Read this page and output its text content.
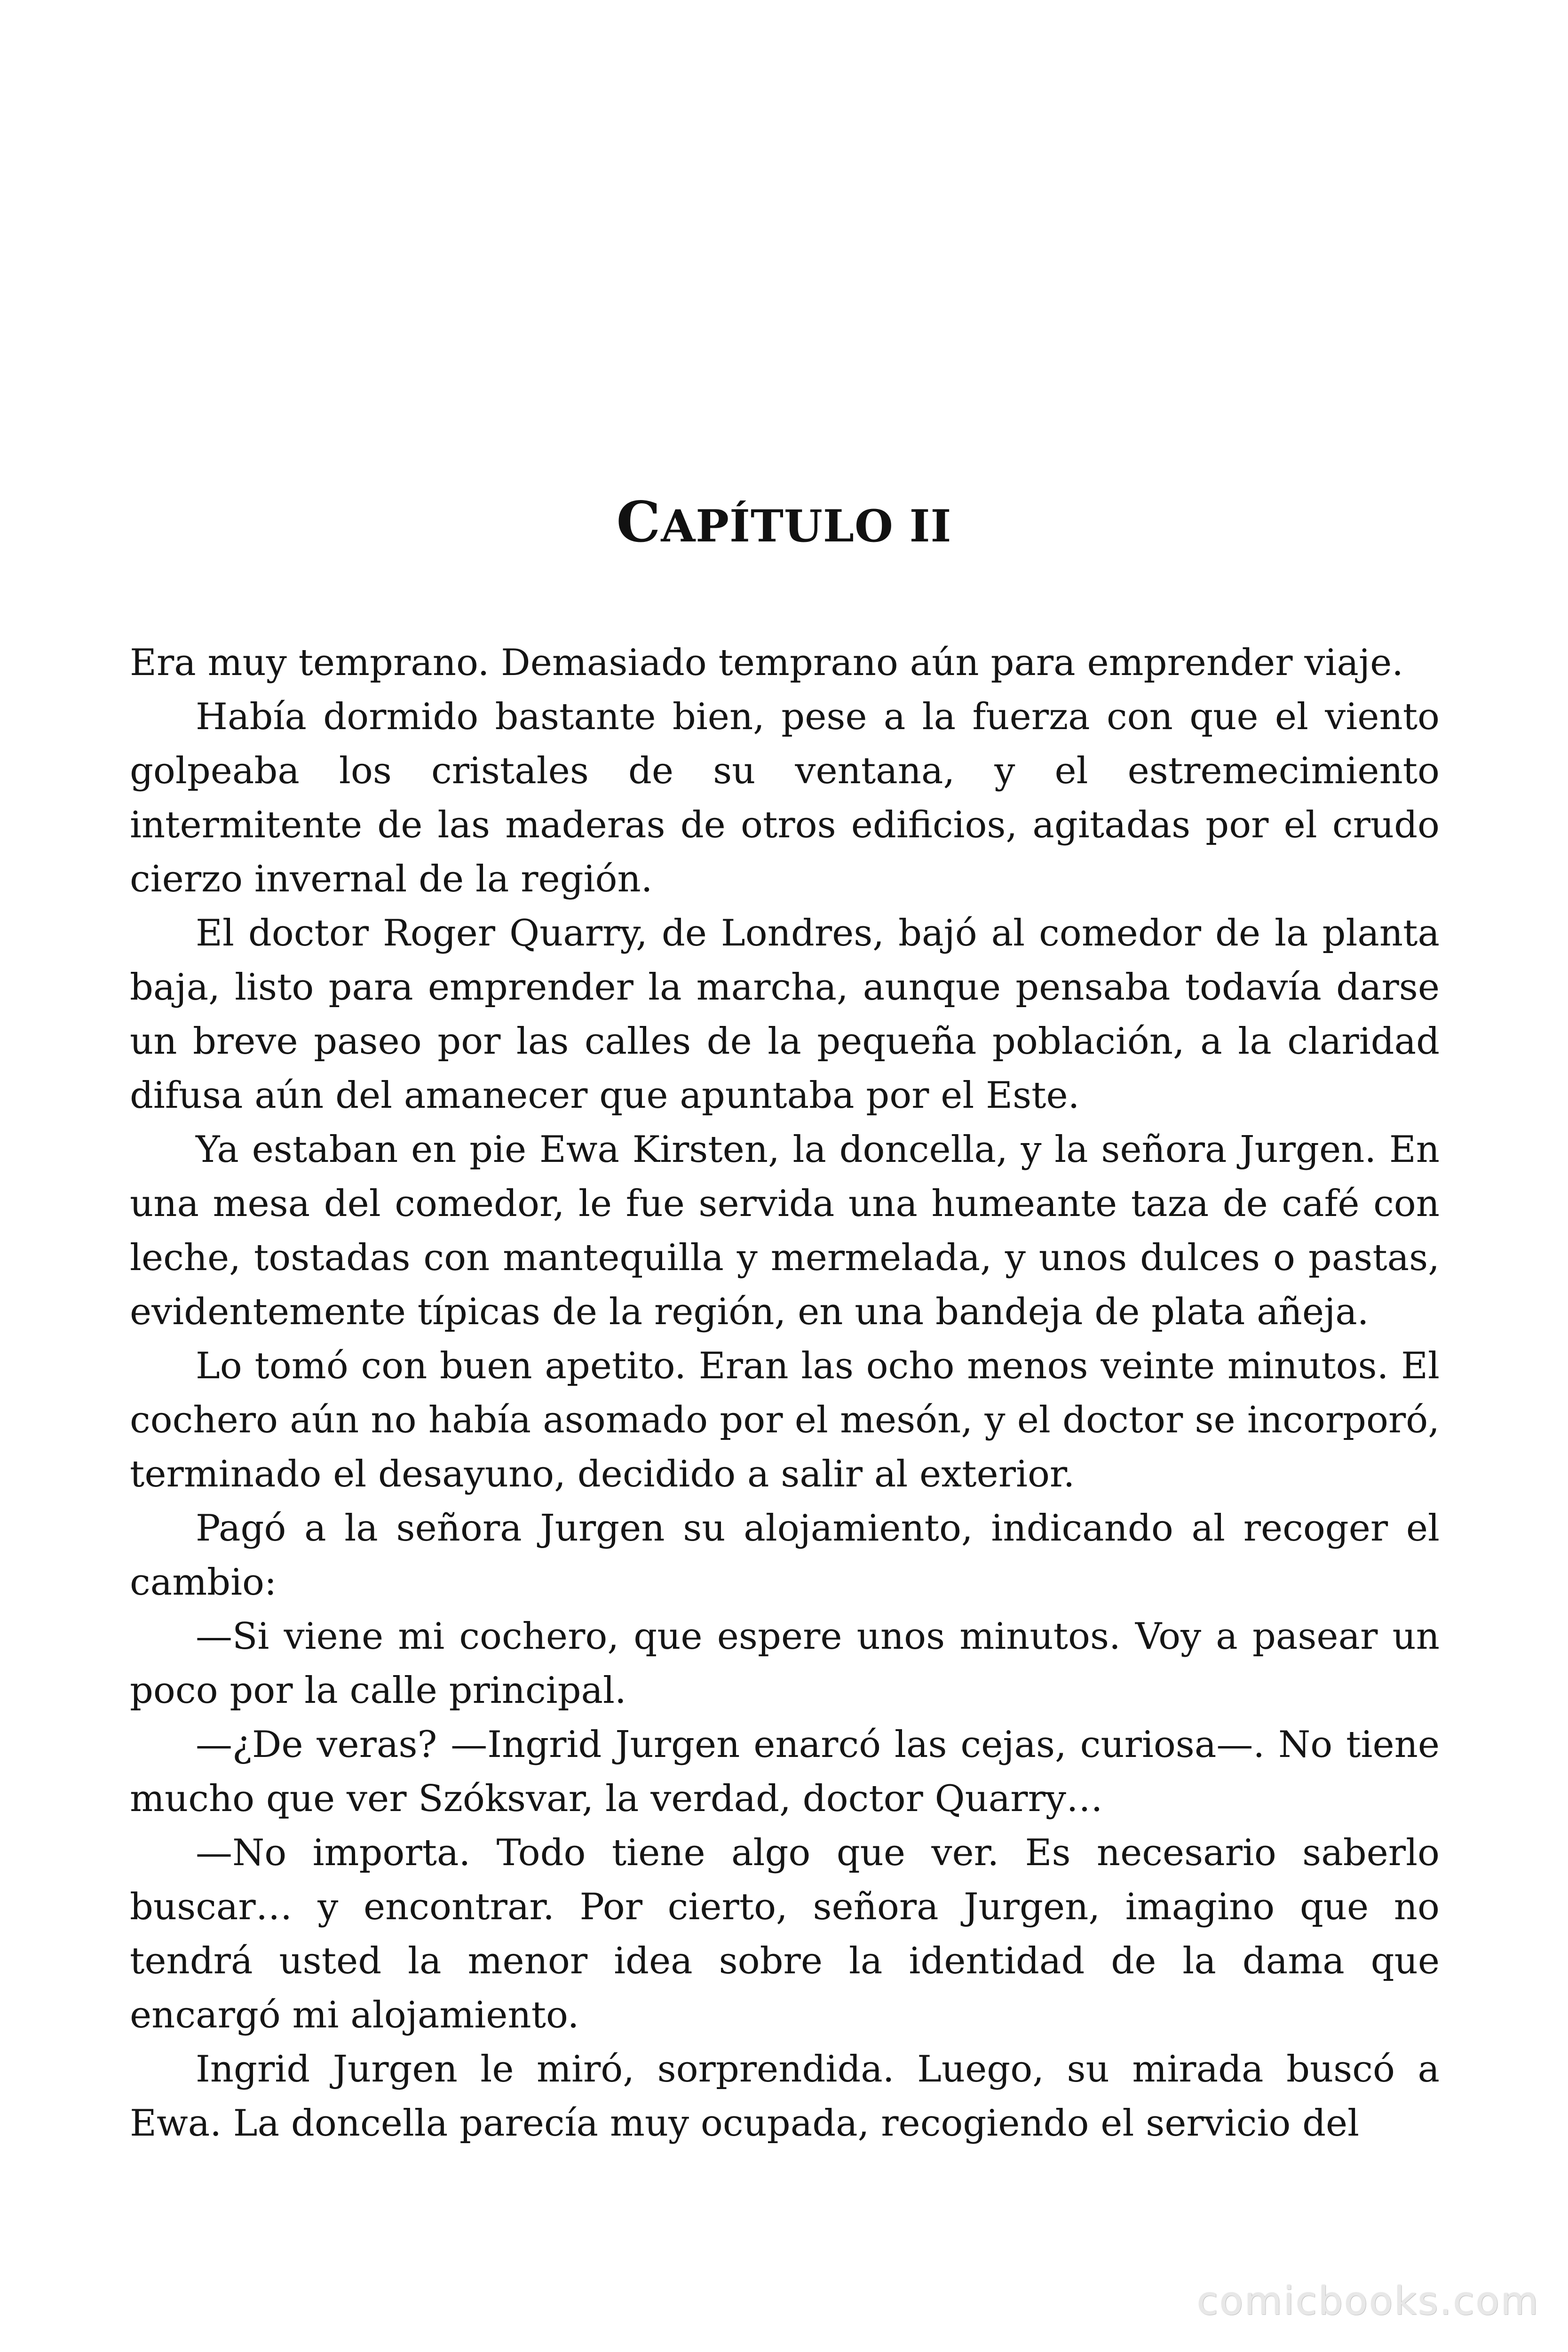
CAPÍTULO II

Era muy temprano. Demasiado temprano aún para emprender viaje.

Había dormido bastante bien, pese a la fuerza con que el viento golpeaba los cristales de su ventana, y el estremecimiento intermitente de las maderas de otros edificios, agitadas por el crudo cierzo invernal de la región.

El doctor Roger Quarry, de Londres, bajó al comedor de la planta baja, listo para emprender la marcha, aunque pensaba todavía darse un breve paseo por las calles de la pequeña población, a la claridad difusa aún del amanecer que apuntaba por el Este.

Ya estaban en pie Ewa Kirsten, la doncella, y la señora Jurgen. En una mesa del comedor, le fue servida una humeante taza de café con leche, tostadas con mantequilla y mermelada, y unos dulces o pastas, evidentemente típicas de la región, en una bandeja de plata añeja.

Lo tomó con buen apetito. Eran las ocho menos veinte minutos. El cochero aún no había asomado por el mesón, y el doctor se incorporó, terminado el desayuno, decidido a salir al exterior.

Pagó a la señora Jurgen su alojamiento, indicando al recoger el cambio:

—Si viene mi cochero, que espere unos minutos. Voy a pasear un poco por la calle principal.

—¿De veras? —Ingrid Jurgen enarcó las cejas, curiosa—. No tiene mucho que ver Szóksvar, la verdad, doctor Quarry…

—No importa. Todo tiene algo que ver. Es necesario saberlo buscar… y encontrar. Por cierto, señora Jurgen, imagino que no tendrá usted la menor idea sobre la identidad de la dama que encargó mi alojamiento.

Ingrid Jurgen le miró, sorprendida. Luego, su mirada buscó a Ewa. La doncella parecía muy ocupada, recogiendo el servicio del

comicbooks.com
